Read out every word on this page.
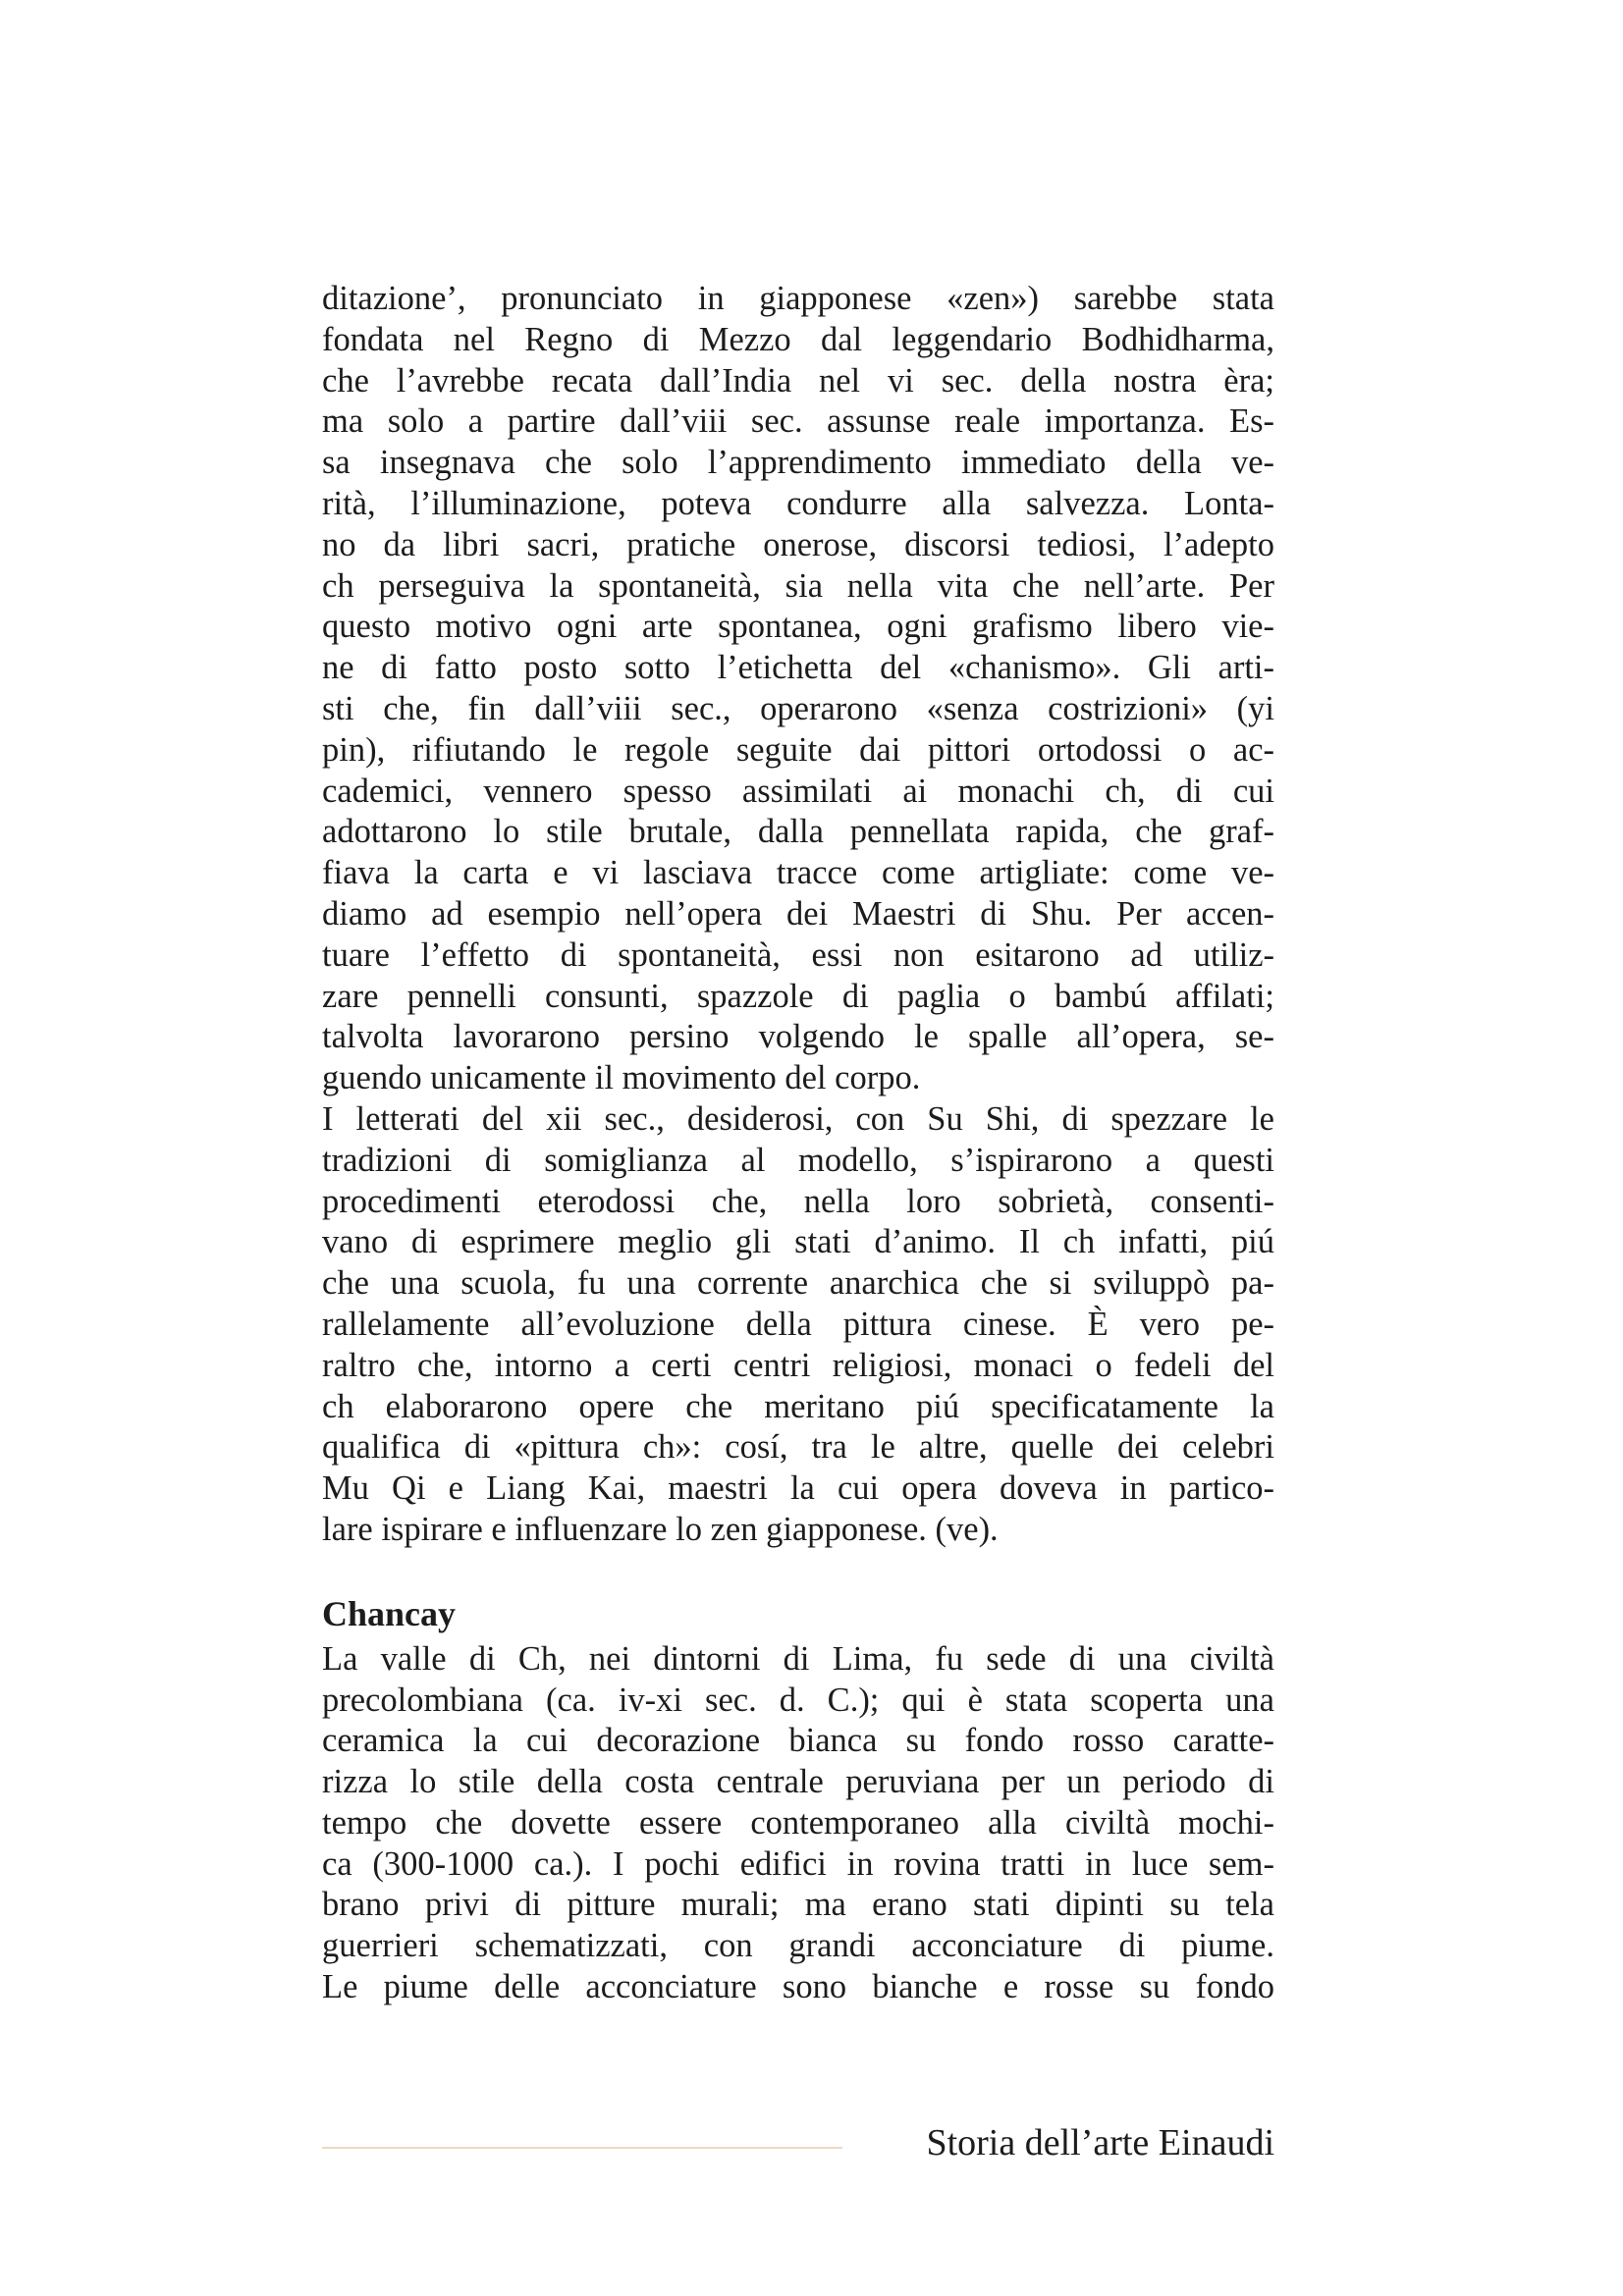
ditazione’, pronunciato in giapponese «zen») sarebbe stata
fondata nel Regno di Mezzo dal leggendario Bodhidharma,
che l’avrebbe recata dall’India nel vi sec. della nostra èra;
ma solo a partire dall’viii sec. assunse reale importanza. Es-
sa insegnava che solo l’apprendimento immediato della ve-
rità, l’illuminazione, poteva condurre alla salvezza. Lonta-
no da libri sacri, pratiche onerose, discorsi tediosi, l’adepto
ch perseguiva la spontaneità, sia nella vita che nell’arte. Per
questo motivo ogni arte spontanea, ogni grafismo libero vie-
ne di fatto posto sotto l’etichetta del «chanismo». Gli arti-
sti che, fin dall’viii sec., operarono «senza costrizioni» (yi
pin), rifiutando le regole seguite dai pittori ortodossi o ac-
cademici, vennero spesso assimilati ai monachi ch, di cui
adottarono lo stile brutale, dalla pennellata rapida, che graf-
fiava la carta e vi lasciava tracce come artigliate: come ve-
diamo ad esempio nell’opera dei Maestri di Shu. Per accen-
tuare l’effetto di spontaneità, essi non esitarono ad utiliz-
zare pennelli consunti, spazzole di paglia o bambú affilati;
talvolta lavorarono persino volgendo le spalle all’opera, se-
guendo unicamente il movimento del corpo.
I letterati del xii sec., desiderosi, con Su Shi, di spezzare le
tradizioni di somiglianza al modello, s’ispirarono a questi
procedimenti eterodossi che, nella loro sobrietà, consenti-
vano di esprimere meglio gli stati d’animo. Il ch infatti, piú
che una scuola, fu una corrente anarchica che si sviluppò pa-
rallelamente all’evoluzione della pittura cinese. È vero pe-
raltro che, intorno a certi centri religiosi, monaci o fedeli del
ch elaborarono opere che meritano piú specificatamente la
qualifica di «pittura ch»: cosí, tra le altre, quelle dei celebri
Mu Qi e Liang Kai, maestri la cui opera doveva in partico-
lare ispirare e influenzare lo zen giapponese. (ve).
Chancay
La valle di Ch, nei dintorni di Lima, fu sede di una civiltà
precolombiana (ca. iv-xi sec. d. C.); qui è stata scoperta una
ceramica la cui decorazione bianca su fondo rosso caratte-
rizza lo stile della costa centrale peruviana per un periodo di
tempo che dovette essere contemporaneo alla civiltà mochi-
ca (300-1000 ca.). I pochi edifici in rovina tratti in luce sem-
brano privi di pitture murali; ma erano stati dipinti su tela
guerrieri schematizzati, con grandi acconciature di piume.
Le piume delle acconciature sono bianche e rosse su fondo
Storia dell’arte Einaudi
